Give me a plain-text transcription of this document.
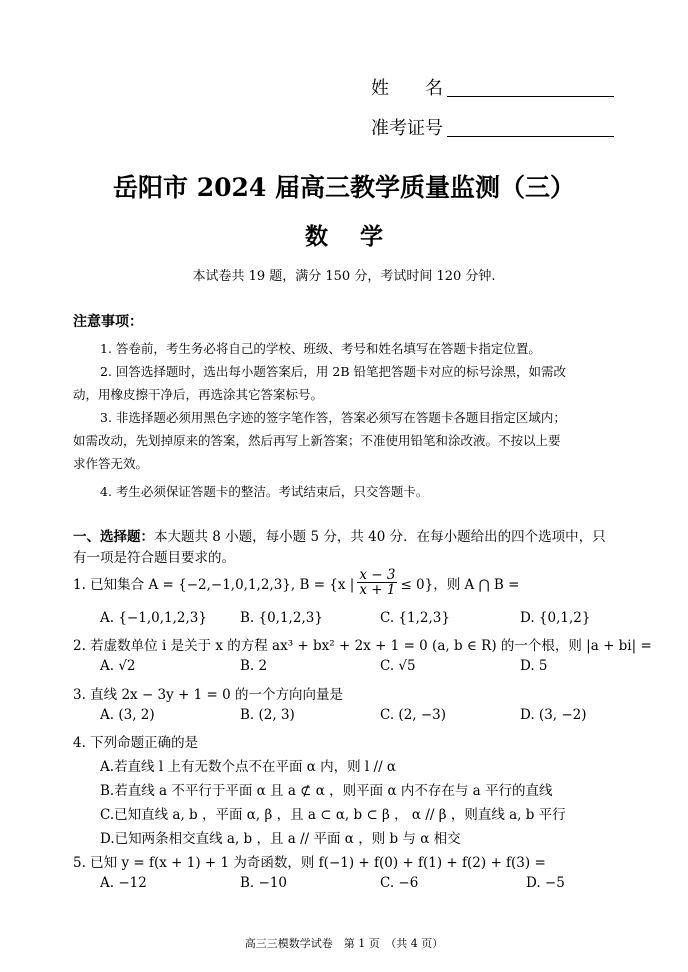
姓　　名
准考证号
岳阳市 2024 届高三教学质量监测（三）
数学
本试卷共 19 题，满分 150 分，考试时间 120 分钟.
注意事项：
1. 答卷前，考生务必将自己的学校、班级、考号和姓名填写在答题卡指定位置。
2. 回答选择题时，选出每小题答案后，用 2B 铅笔把答题卡对应的标号涂黑，如需改
动，用橡皮擦干净后，再选涂其它答案标号。
3. 非选择题必须用黑色字迹的签字笔作答，答案必须写在答题卡各题目指定区域内；
如需改动，先划掉原来的答案，然后再写上新答案；不准使用铅笔和涂改液。不按以上要
求作答无效。
4. 考生必须保证答题卡的整洁。考试结束后，只交答题卡。
一、选择题：本大题共 8 小题，每小题 5 分，共 40 分．在每小题给出的四个选项中，只
有一项是符合题目要求的。
1. 已知集合 A = {−2,−1,0,1,2,3}, B = {x | $\frac{x - 3}{x + 1} \le 0$}，则 A ⋂ B =
A. {−1,0,1,2,3} B. {0,1,2,3}	C. {1,2,3}	D. {0,1,2}
2. 若虚数单位 i 是关于 x 的方程 ax³ + bx² + 2x + 1 = 0 (a, b ∈ R) 的一个根，则 |a + bi| =
A. √2	B. 2	C. √5	D. 5
3. 直线 2x − 3y + 1 = 0 的一个方向向量是
A. (3, 2)	B. (2, 3)	C. (2, −3)	D. (3, −2)
4. 下列命题正确的是
A.若直线 l 上有无数个点不在平面 α 内，则 l // α
B.若直线 a 不平行于平面 α 且 a ⊄ α ，则平面 α 内不存在与 a 平行的直线
C.已知直线 a, b ，平面 α, β ，且 a ⊂ α, b ⊂ β ， α // β ，则直线 a, b 平行
D.已知两条相交直线 a, b ，且 a // 平面 α ，则 b 与 α 相交
5. 已知 y = f(x + 1) + 1 为奇函数，则 f(−1) + f(0) + f(1) + f(2) + f(3) =
A. −12	B. −10	C. −6	D. −5
高三三模数学试卷　第 1 页　（共 4 页）
